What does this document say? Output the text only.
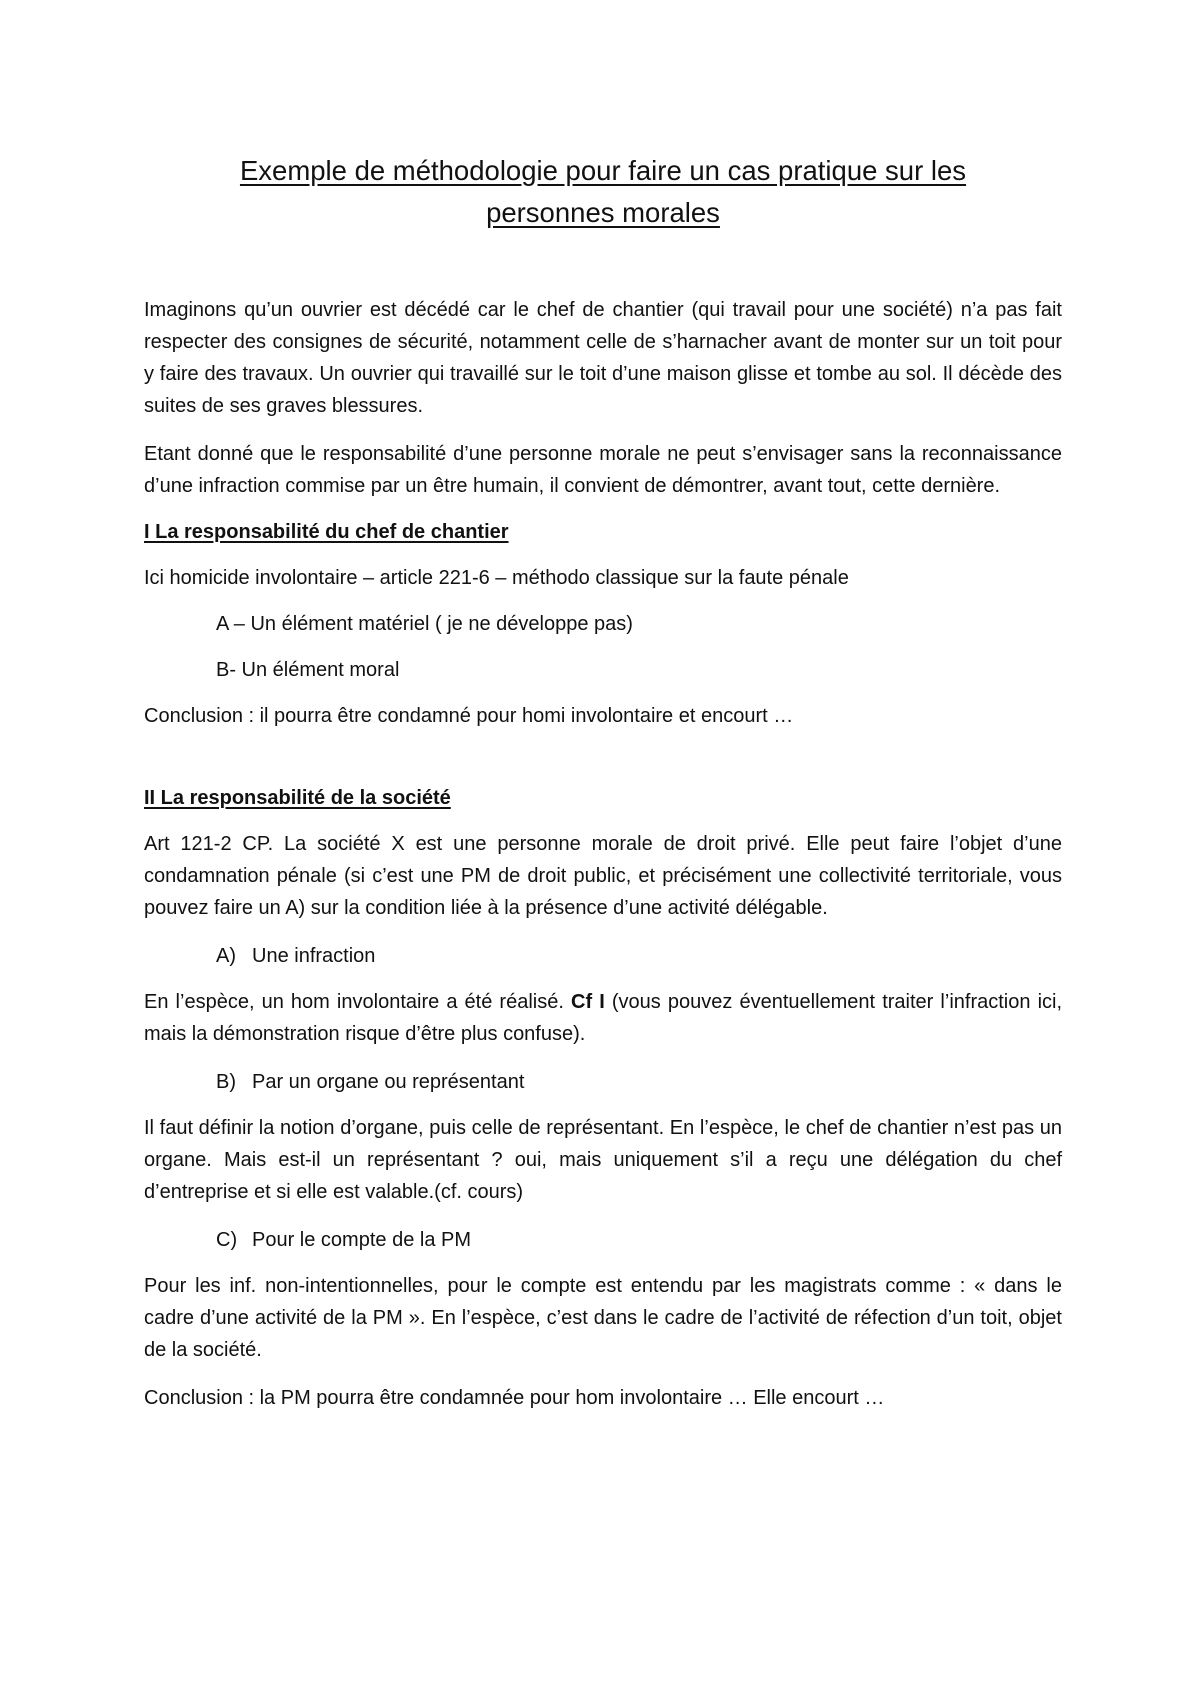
Exemple de méthodologie pour faire un cas pratique sur les
personnes morales

Imaginons qu’un ouvrier est décédé car le chef de chantier (qui travail pour une société) n’a pas fait respecter des consignes de sécurité, notamment celle de s’harnacher avant de monter sur un toit pour y faire des travaux. Un ouvrier qui travaillé sur le toit d’une maison glisse et tombe au sol. Il décède des suites de ses graves blessures.

Etant donné que le responsabilité d’une personne morale ne peut s’envisager sans la reconnaissance d’une infraction commise par un être humain, il convient de démontrer, avant tout, cette dernière.

I La responsabilité du chef de chantier

Ici homicide involontaire – article 221-6 – méthodo classique sur la faute pénale

A – Un élément matériel ( je ne développe pas)

B- Un élément moral

Conclusion : il pourra être condamné pour homi involontaire et encourt …

II La responsabilité de la société

Art 121-2 CP. La société X est une personne morale de droit privé. Elle peut faire l’objet d’une condamnation pénale (si c’est une PM de droit public, et précisément une collectivité territoriale, vous pouvez faire un A) sur la condition liée à la présence d’une activité délégable.

A) Une infraction

En l’espèce, un hom involontaire a été réalisé. Cf I (vous pouvez éventuellement traiter l’infraction ici, mais la démonstration risque d’être plus confuse).

B) Par un organe ou représentant

Il faut définir la notion d’organe, puis celle de représentant. En l’espèce, le chef de chantier n’est pas un organe. Mais est-il un représentant ? oui, mais uniquement s’il a reçu une délégation du chef d’entreprise et si elle est valable.(cf. cours)

C) Pour le compte de la PM

Pour les inf. non-intentionnelles, pour le compte est entendu par les magistrats comme : « dans le cadre d’une activité de la PM ». En l’espèce, c’est dans le cadre de l’activité de réfection d’un toit, objet de la société.

Conclusion : la PM pourra être condamnée pour hom involontaire … Elle encourt …
